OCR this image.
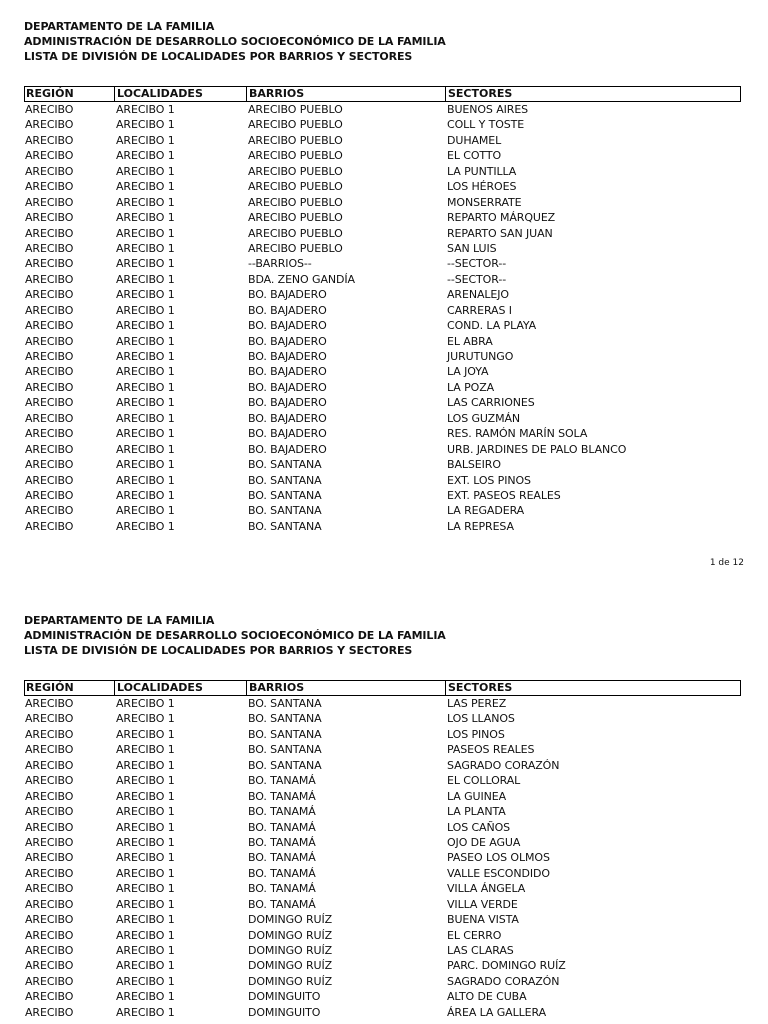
DEPARTAMENTO DE LA FAMILIA
ADMINISTRACIÓN DE DESARROLLO SOCIOECONÓMICO DE LA FAMILIA
LISTA DE DIVISIÓN DE LOCALIDADES POR BARRIOS Y SECTORES
REGIÓN	LOCALIDADES	BARRIOS	SECTORES
ARECIBO	ARECIBO 1	ARECIBO PUEBLO	BUENOS AIRES
ARECIBO	ARECIBO 1	ARECIBO PUEBLO	COLL Y TOSTE
ARECIBO	ARECIBO 1	ARECIBO PUEBLO	DUHAMEL
ARECIBO	ARECIBO 1	ARECIBO PUEBLO	EL COTTO
ARECIBO	ARECIBO 1	ARECIBO PUEBLO	LA PUNTILLA
ARECIBO	ARECIBO 1	ARECIBO PUEBLO	LOS HÉROES
ARECIBO	ARECIBO 1	ARECIBO PUEBLO	MONSERRATE
ARECIBO	ARECIBO 1	ARECIBO PUEBLO	REPARTO MÁRQUEZ
ARECIBO	ARECIBO 1	ARECIBO PUEBLO	REPARTO SAN JUAN
ARECIBO	ARECIBO 1	ARECIBO PUEBLO	SAN LUIS
ARECIBO	ARECIBO 1	--BARRIOS--	--SECTOR--
ARECIBO	ARECIBO 1	BDA. ZENO GANDÍA	--SECTOR--
ARECIBO	ARECIBO 1	BO. BAJADERO	ARENALEJO
ARECIBO	ARECIBO 1	BO. BAJADERO	CARRERAS I
ARECIBO	ARECIBO 1	BO. BAJADERO	COND. LA PLAYA
ARECIBO	ARECIBO 1	BO. BAJADERO	EL ABRA
ARECIBO	ARECIBO 1	BO. BAJADERO	JURUTUNGO
ARECIBO	ARECIBO 1	BO. BAJADERO	LA JOYA
ARECIBO	ARECIBO 1	BO. BAJADERO	LA POZA
ARECIBO	ARECIBO 1	BO. BAJADERO	LAS CARRIONES
ARECIBO	ARECIBO 1	BO. BAJADERO	LOS GUZMÁN
ARECIBO	ARECIBO 1	BO. BAJADERO	RES. RAMÓN MARÍN SOLA
ARECIBO	ARECIBO 1	BO. BAJADERO	URB. JARDINES DE PALO BLANCO
ARECIBO	ARECIBO 1	BO. SANTANA	BALSEIRO
ARECIBO	ARECIBO 1	BO. SANTANA	EXT. LOS PINOS
ARECIBO	ARECIBO 1	BO. SANTANA	EXT. PASEOS REALES
ARECIBO	ARECIBO 1	BO. SANTANA	LA REGADERA
ARECIBO	ARECIBO 1	BO. SANTANA	LA REPRESA
1 de 12
DEPARTAMENTO DE LA FAMILIA
ADMINISTRACIÓN DE DESARROLLO SOCIOECONÓMICO DE LA FAMILIA
LISTA DE DIVISIÓN DE LOCALIDADES POR BARRIOS Y SECTORES
REGIÓN	LOCALIDADES	BARRIOS	SECTORES
ARECIBO	ARECIBO 1	BO. SANTANA	LAS PEREZ
ARECIBO	ARECIBO 1	BO. SANTANA	LOS LLANOS
ARECIBO	ARECIBO 1	BO. SANTANA	LOS PINOS
ARECIBO	ARECIBO 1	BO. SANTANA	PASEOS REALES
ARECIBO	ARECIBO 1	BO. SANTANA	SAGRADO CORAZÓN
ARECIBO	ARECIBO 1	BO. TANAMÁ	EL COLLORAL
ARECIBO	ARECIBO 1	BO. TANAMÁ	LA GUINEA
ARECIBO	ARECIBO 1	BO. TANAMÁ	LA PLANTA
ARECIBO	ARECIBO 1	BO. TANAMÁ	LOS CAÑOS
ARECIBO	ARECIBO 1	BO. TANAMÁ	OJO DE AGUA
ARECIBO	ARECIBO 1	BO. TANAMÁ	PASEO LOS OLMOS
ARECIBO	ARECIBO 1	BO. TANAMÁ	VALLE ESCONDIDO
ARECIBO	ARECIBO 1	BO. TANAMÁ	VILLA ÁNGELA
ARECIBO	ARECIBO 1	BO. TANAMÁ	VILLA VERDE
ARECIBO	ARECIBO 1	DOMINGO RUÍZ	BUENA VISTA
ARECIBO	ARECIBO 1	DOMINGO RUÍZ	EL CERRO
ARECIBO	ARECIBO 1	DOMINGO RUÍZ	LAS CLARAS
ARECIBO	ARECIBO 1	DOMINGO RUÍZ	PARC. DOMINGO RUÍZ
ARECIBO	ARECIBO 1	DOMINGO RUÍZ	SAGRADO CORAZÓN
ARECIBO	ARECIBO 1	DOMINGUITO	ALTO DE CUBA
ARECIBO	ARECIBO 1	DOMINGUITO	ÁREA LA GALLERA
